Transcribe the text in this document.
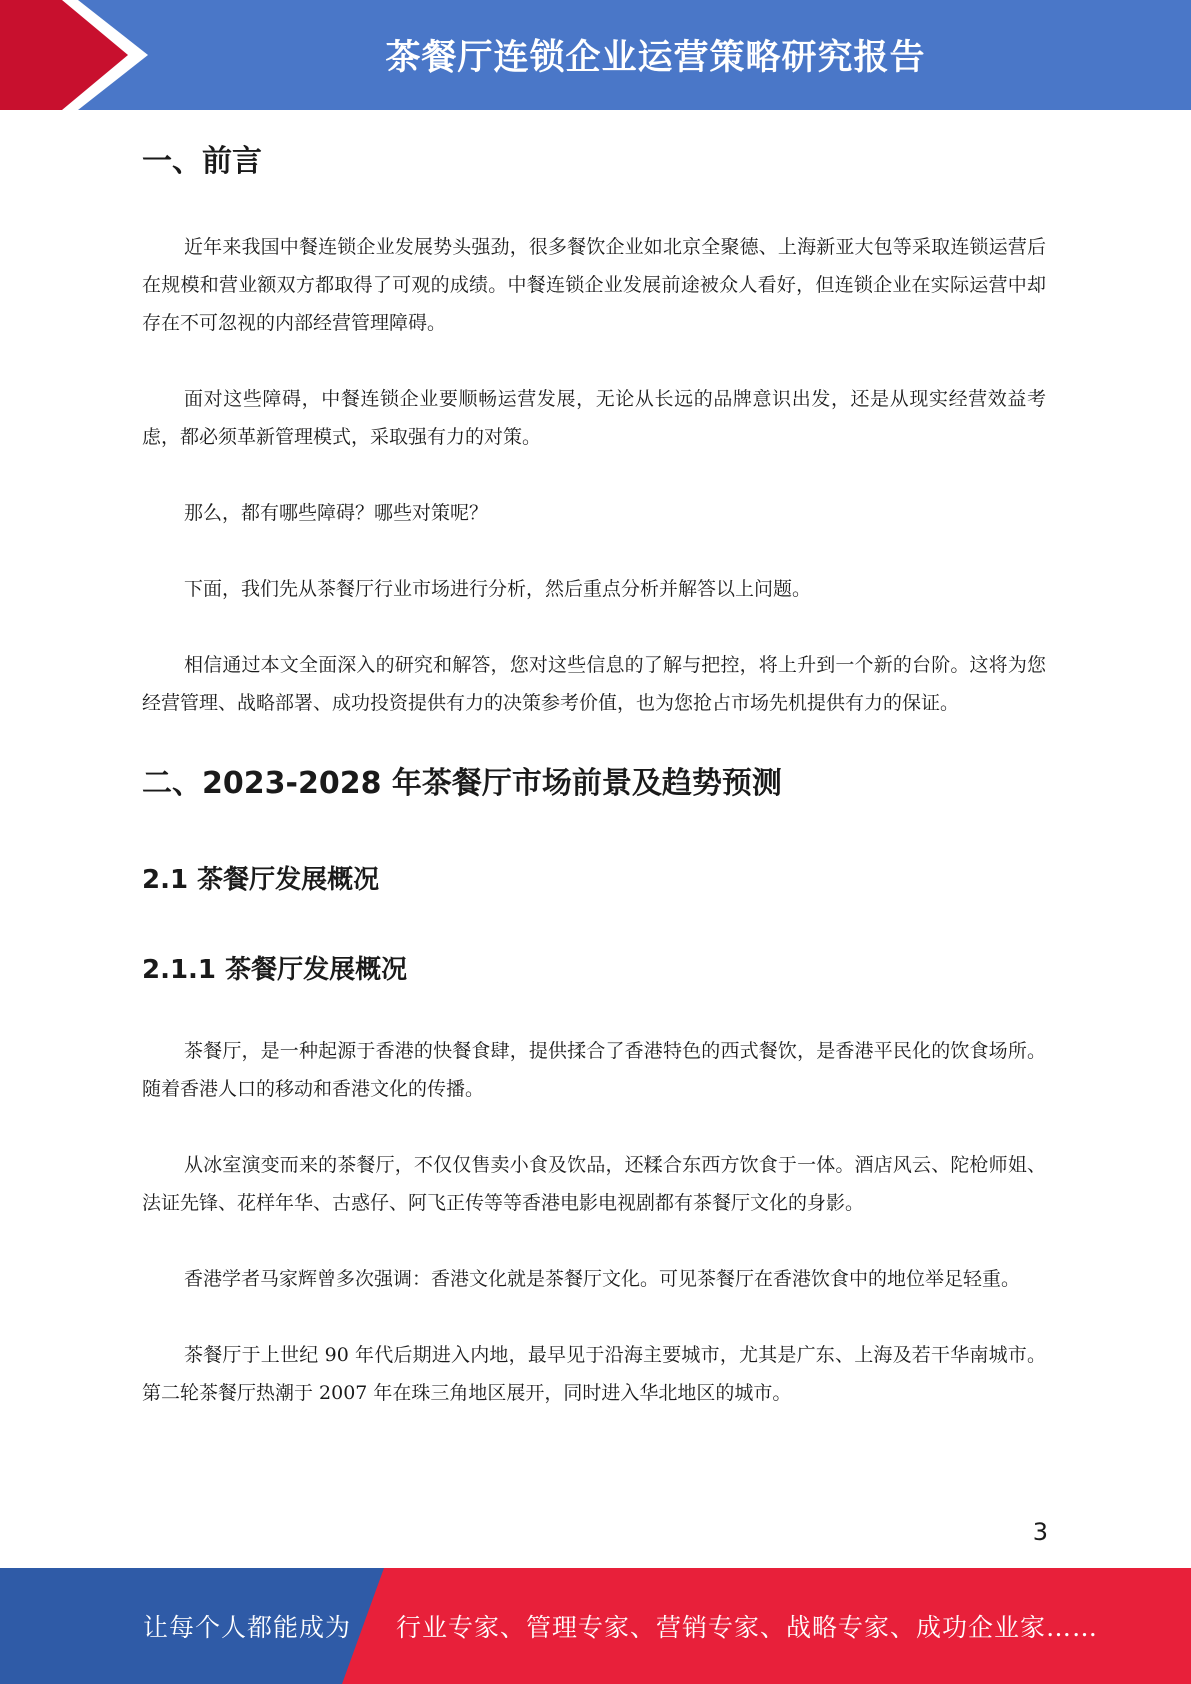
茶餐厅连锁企业运营策略研究报告
一、前言

近年来我国中餐连锁企业发展势头强劲，很多餐饮企业如北京全聚德、上海新亚大包等采取连锁运营后在规模和营业额双方都取得了可观的成绩。中餐连锁企业发展前途被众人看好，但连锁企业在实际运营中却存在不可忽视的内部经营管理障碍。

面对这些障碍，中餐连锁企业要顺畅运营发展，无论从长远的品牌意识出发，还是从现实经营效益考虑，都必须革新管理模式，采取强有力的对策。

那么，都有哪些障碍？哪些对策呢？

下面，我们先从茶餐厅行业市场进行分析，然后重点分析并解答以上问题。

相信通过本文全面深入的研究和解答，您对这些信息的了解与把控，将上升到一个新的台阶。这将为您经营管理、战略部署、成功投资提供有力的决策参考价值，也为您抢占市场先机提供有力的保证。

二、2023-2028 年茶餐厅市场前景及趋势预测
2.1 茶餐厅发展概况
2.1.1 茶餐厅发展概况

茶餐厅，是一种起源于香港的快餐食肆，提供揉合了香港特色的西式餐饮，是香港平民化的饮食场所。随着香港人口的移动和香港文化的传播。

从冰室演变而来的茶餐厅，不仅仅售卖小食及饮品，还糅合东西方饮食于一体。酒店风云、陀枪师姐、法证先锋、花样年华、古惑仔、阿飞正传等等香港电影电视剧都有茶餐厅文化的身影。

香港学者马家辉曾多次强调：香港文化就是茶餐厅文化。可见茶餐厅在香港饮食中的地位举足轻重。

茶餐厅于上世纪 90 年代后期进入内地，最早见于沿海主要城市，尤其是广东、上海及若干华南城市。第二轮茶餐厅热潮于 2007 年在珠三角地区展开，同时进入华北地区的城市。

3
让每个人都能成为 行业专家、管理专家、营销专家、战略专家、成功企业家……
